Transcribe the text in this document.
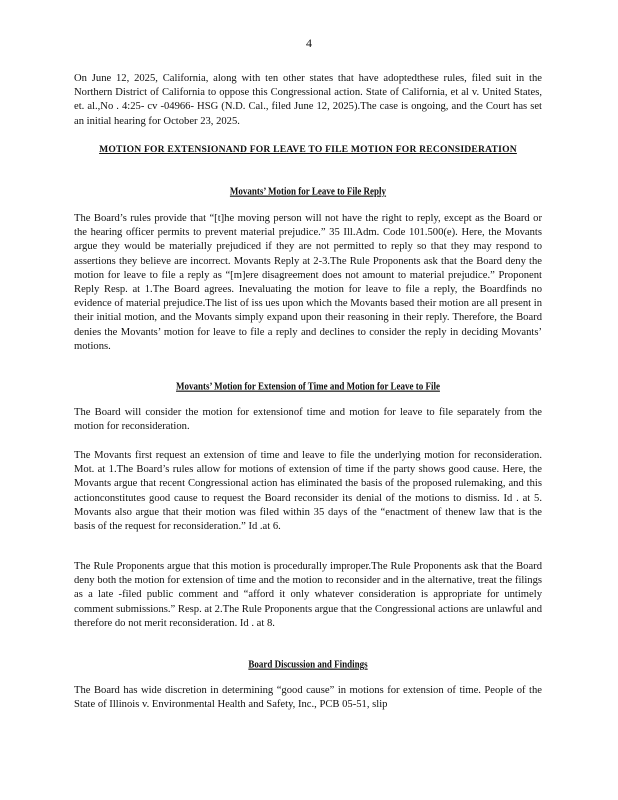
4
On June 12, 2025, California, along with ten other states that have adoptedthese rules, filed suit in the Northern District of California to oppose this Congressional action. State of California, et al v. United States, et. al.,No . 4:25- cv -04966- HSG (N.D. Cal., filed June 12, 2025).The case is ongoing, and the Court has set an initial hearing for October 23, 2025.
MOTION FOR EXTENSIONAND FOR LEAVE TO FILE MOTION FOR RECONSIDERATION
Movants’ Motion for Leave to File Reply
The Board’s rules provide that “[t]he moving person will not have the right to reply, except as the Board or the hearing officer permits to prevent material prejudice.” 35 Ill.Adm. Code 101.500(e). Here, the Movants argue they would be materially prejudiced if they are not permitted to reply so that they may respond to assertions they believe are incorrect. Movants Reply at 2-3.The Rule Proponents ask that the Board deny the motion for leave to file a reply as “[m]ere disagreement does not amount to material prejudice.” Proponent Reply Resp. at 1.The Board agrees. Inevaluating the motion for leave to file a reply, the Boardfinds no evidence of material prejudice.The list of iss ues upon which the Movants based their motion are all present in their initial motion, and the Movants simply expand upon their reasoning in their reply. Therefore, the Board denies the Movants’ motion for leave to file a reply and declines to consider the reply in deciding Movants’ motions.
Movants’ Motion for Extension of Time and Motion for Leave to File
The Board will consider the motion for extensionof time and motion for leave to file separately from the motion for reconsideration.
The Movants first request an extension of time and leave to file the underlying motion for reconsideration. Mot. at 1.The Board’s rules allow for motions of extension of time if the party shows good cause. Here, the Movants argue that recent Congressional action has eliminated the basis of the proposed rulemaking, and this actionconstitutes good cause to request the Board reconsider its denial of the motions to dismiss. Id . at 5. Movants also argue that their motion was filed within 35 days of the “enactment of thenew law that is the basis of the request for reconsideration.” Id .at 6.
The Rule Proponents argue that this motion is procedurally improper.The Rule Proponents ask that the Board deny both the motion for extension of time and the motion to reconsider and in the alternative, treat the filings as a late -filed public comment and “afford it only whatever consideration is appropriate for untimely comment submissions.” Resp. at 2.The Rule Proponents argue that the Congressional actions are unlawful and therefore do not merit reconsideration. Id . at 8.
Board Discussion and Findings
The Board has wide discretion in determining “good cause” in motions for extension of time. People of the State of Illinois v. Environmental Health and Safety, Inc., PCB 05-51, slip
